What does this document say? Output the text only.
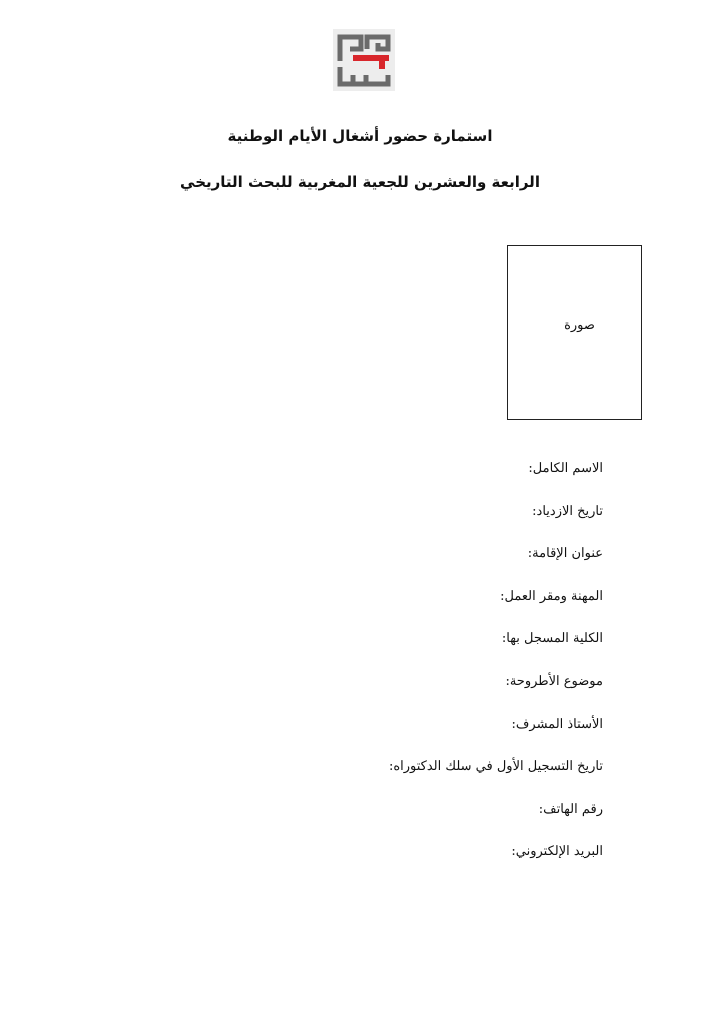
استمارة حضور أشغال الأيام الوطنية
الرابعة والعشرين للجعية المغربية للبحث التاريخي
صورة
الاسم الكامل:
تاريخ الازدياد:
عنوان الإقامة:
المهنة ومقر العمل:
الكلية المسجل بها:
موضوع الأطروحة:
الأستاذ المشرف:
تاريخ التسجيل الأول في سلك الدكتوراه:
رقم الهاتف:
البريد الإلكتروني:
